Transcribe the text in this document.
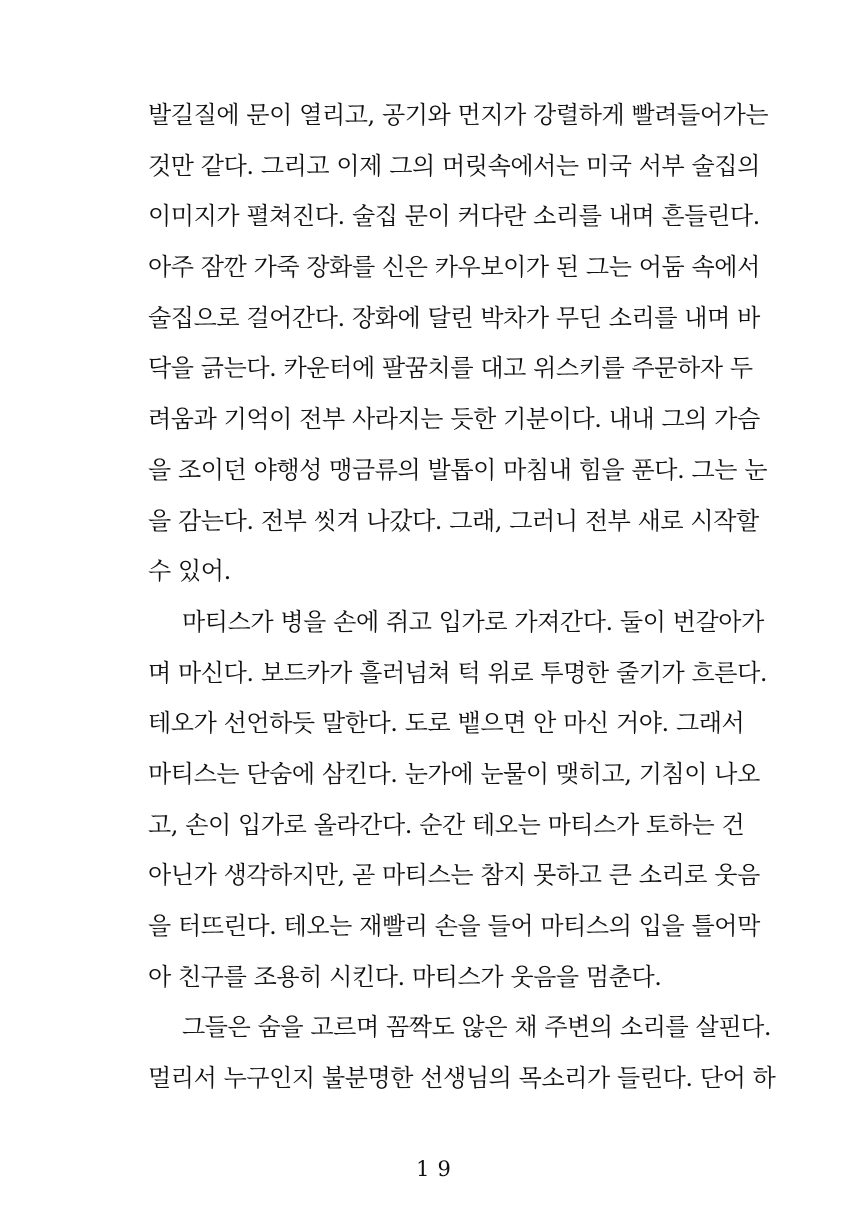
발길질에 문이 열리고, 공기와 먼지가 강렬하게 빨려들어가는
것만 같다. 그리고 이제 그의 머릿속에서는 미국 서부 술집의
이미지가 펼쳐진다. 술집 문이 커다란 소리를 내며 흔들린다.
아주 잠깐 가죽 장화를 신은 카우보이가 된 그는 어둠 속에서
술집으로 걸어간다. 장화에 달린 박차가 무딘 소리를 내며 바
닥을 긁는다. 카운터에 팔꿈치를 대고 위스키를 주문하자 두
려움과 기억이 전부 사라지는 듯한 기분이다. 내내 그의 가슴
을 조이던 야행성 맹금류의 발톱이 마침내 힘을 푼다. 그는 눈
을 감는다. 전부 씻겨 나갔다. 그래, 그러니 전부 새로 시작할
수 있어.
마티스가 병을 손에 쥐고 입가로 가져간다. 둘이 번갈아가
며 마신다. 보드카가 흘러넘쳐 턱 위로 투명한 줄기가 흐른다.
테오가 선언하듯 말한다. 도로 뱉으면 안 마신 거야. 그래서
마티스는 단숨에 삼킨다. 눈가에 눈물이 맺히고, 기침이 나오
고, 손이 입가로 올라간다. 순간 테오는 마티스가 토하는 건
아닌가 생각하지만, 곧 마티스는 참지 못하고 큰 소리로 웃음
을 터뜨린다. 테오는 재빨리 손을 들어 마티스의 입을 틀어막
아 친구를 조용히 시킨다. 마티스가 웃음을 멈춘다.
그들은 숨을 고르며 꼼짝도 않은 채 주변의 소리를 살핀다.
멀리서 누구인지 불분명한 선생님의 목소리가 들린다. 단어 하
19
